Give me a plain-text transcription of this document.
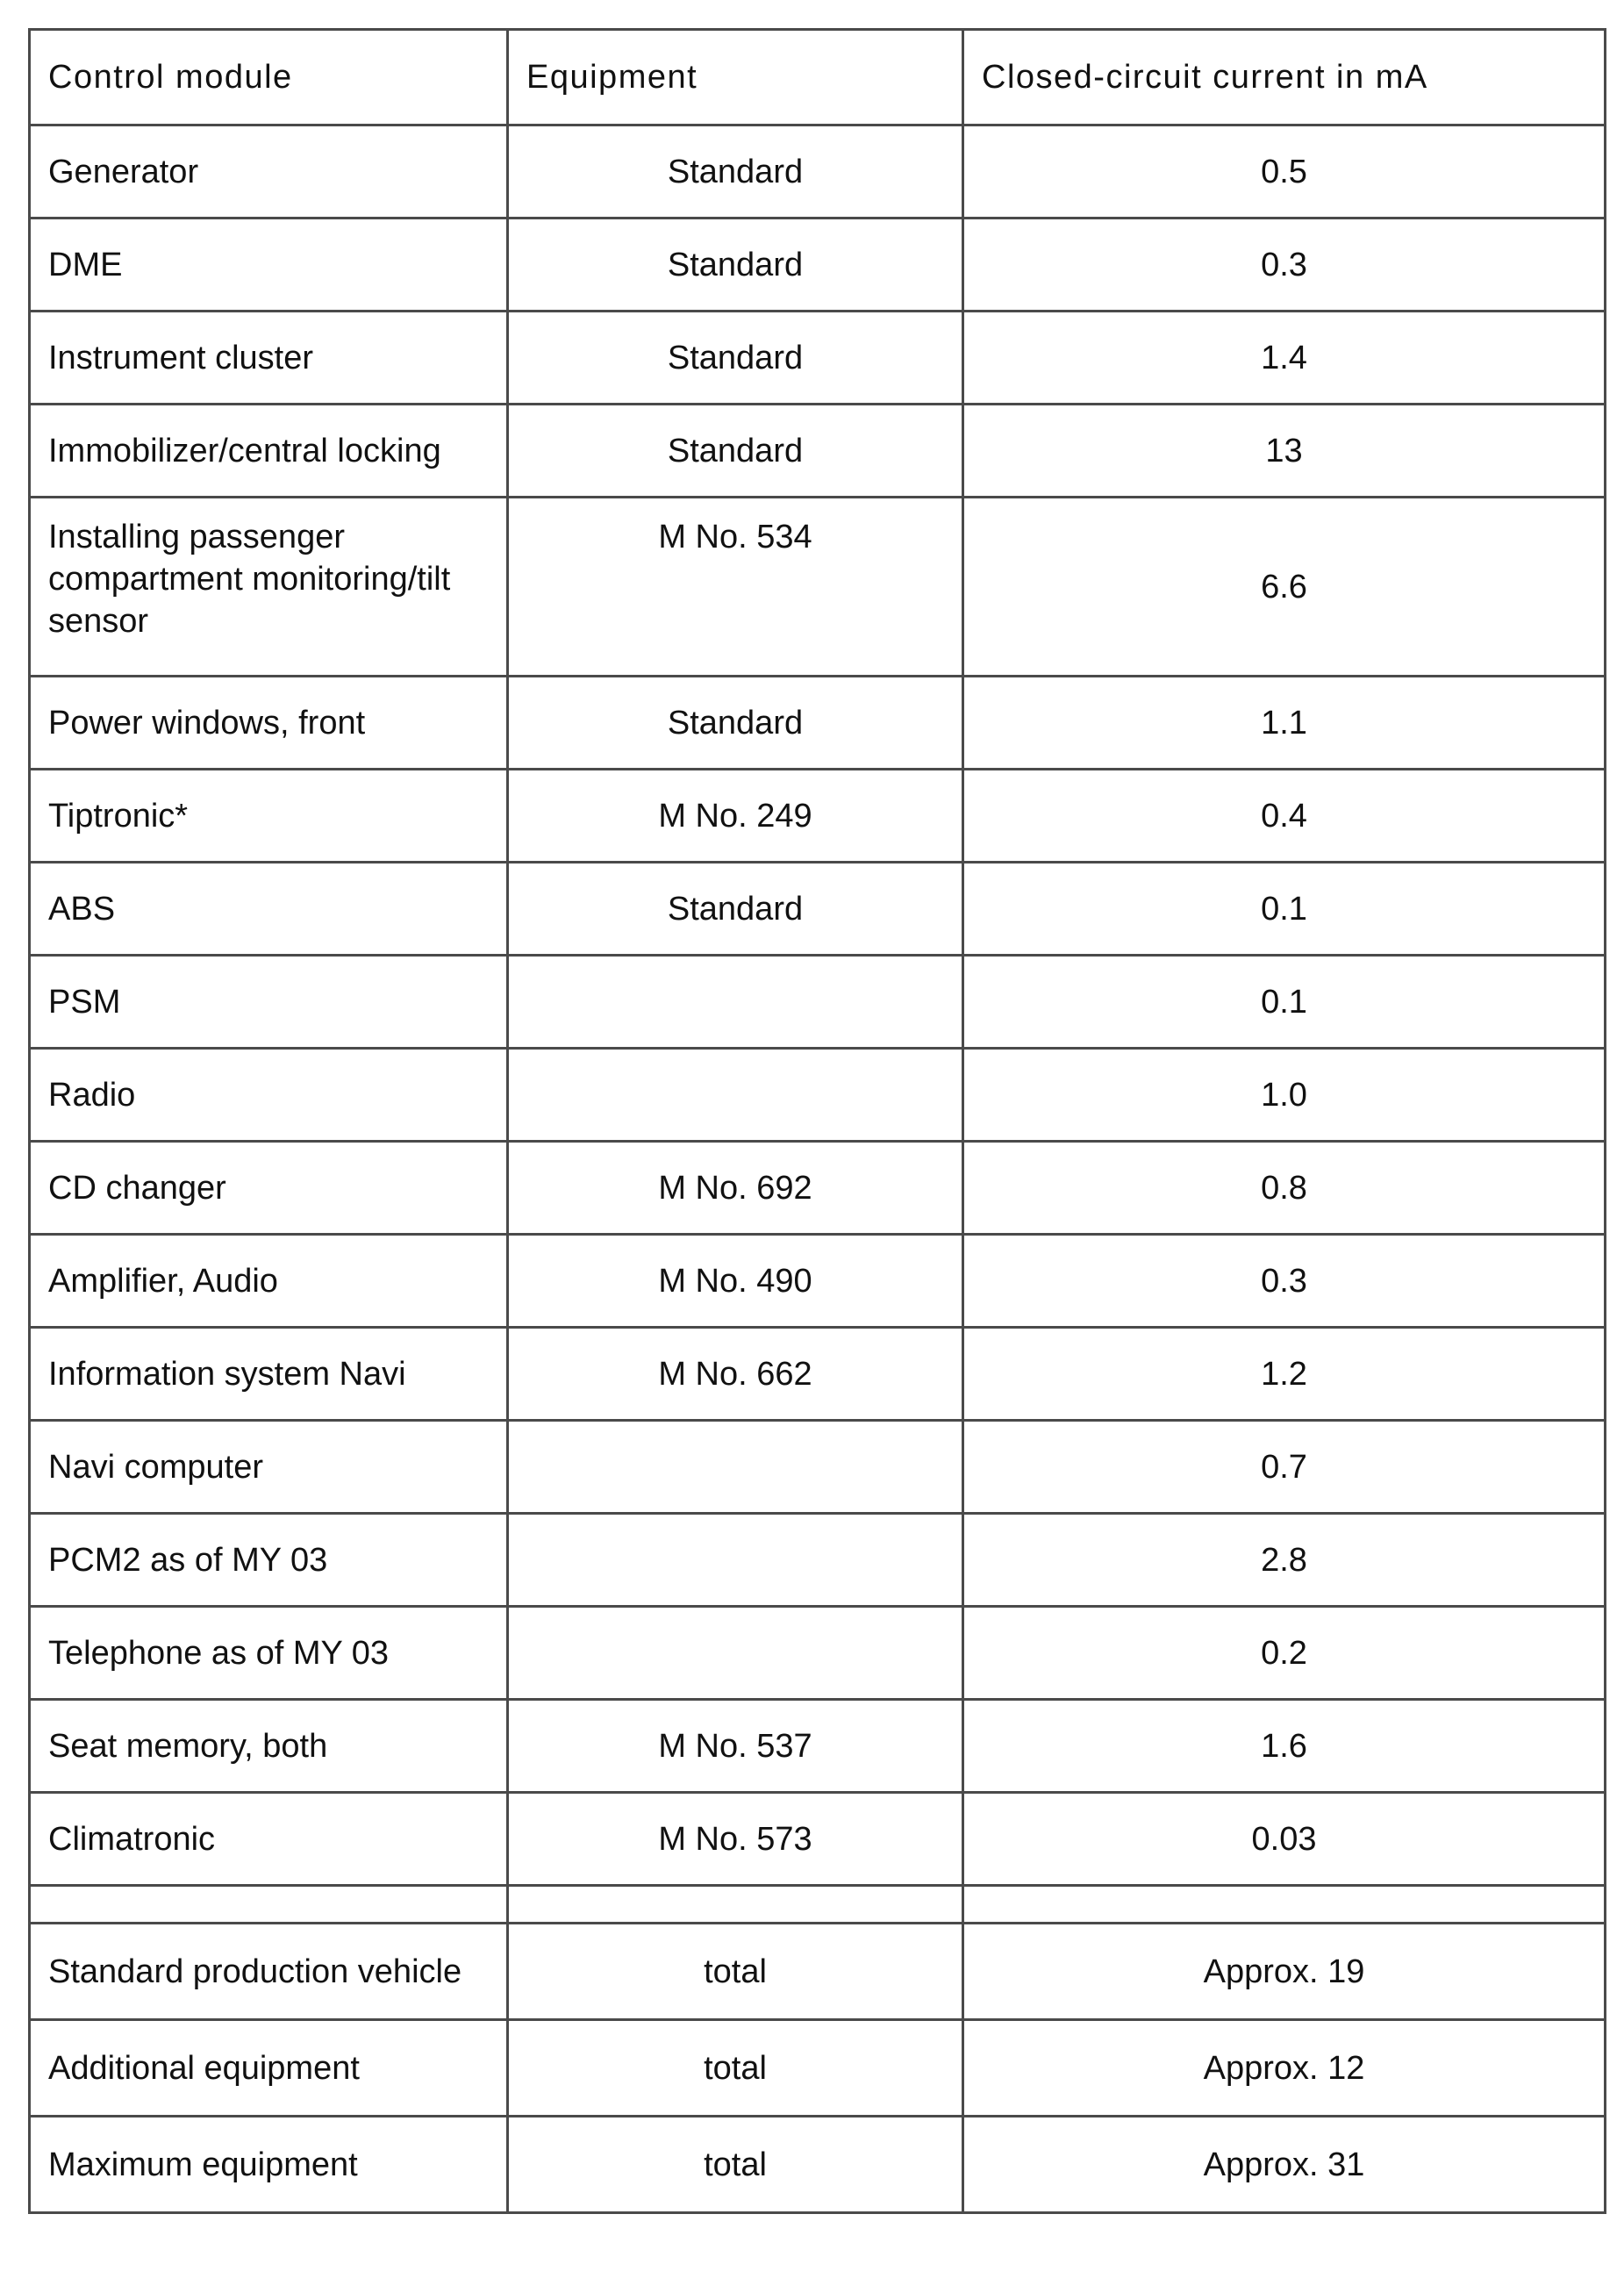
Control module	Equipment	Closed-circuit current in mA
Generator	Standard	0.5
DME	Standard	0.3
Instrument cluster	Standard	1.4
Immobilizer/central locking	Standard	13
Installing passenger compartment monitoring/tilt sensor	M No. 534	6.6
Power windows, front	Standard	1.1
Tiptronic*	M No. 249	0.4
ABS	Standard	0.1
PSM		0.1
Radio		1.0
CD changer	M No. 692	0.8
Amplifier, Audio	M No. 490	0.3
Information system Navi	M No. 662	1.2
Navi computer		0.7
PCM2 as of MY 03		2.8
Telephone as of MY 03		0.2
Seat memory, both	M No. 537	1.6
Climatronic	M No. 573	0.03

Standard production vehicle	total	Approx. 19
Additional equipment	total	Approx. 12
Maximum equipment	total	Approx. 31
